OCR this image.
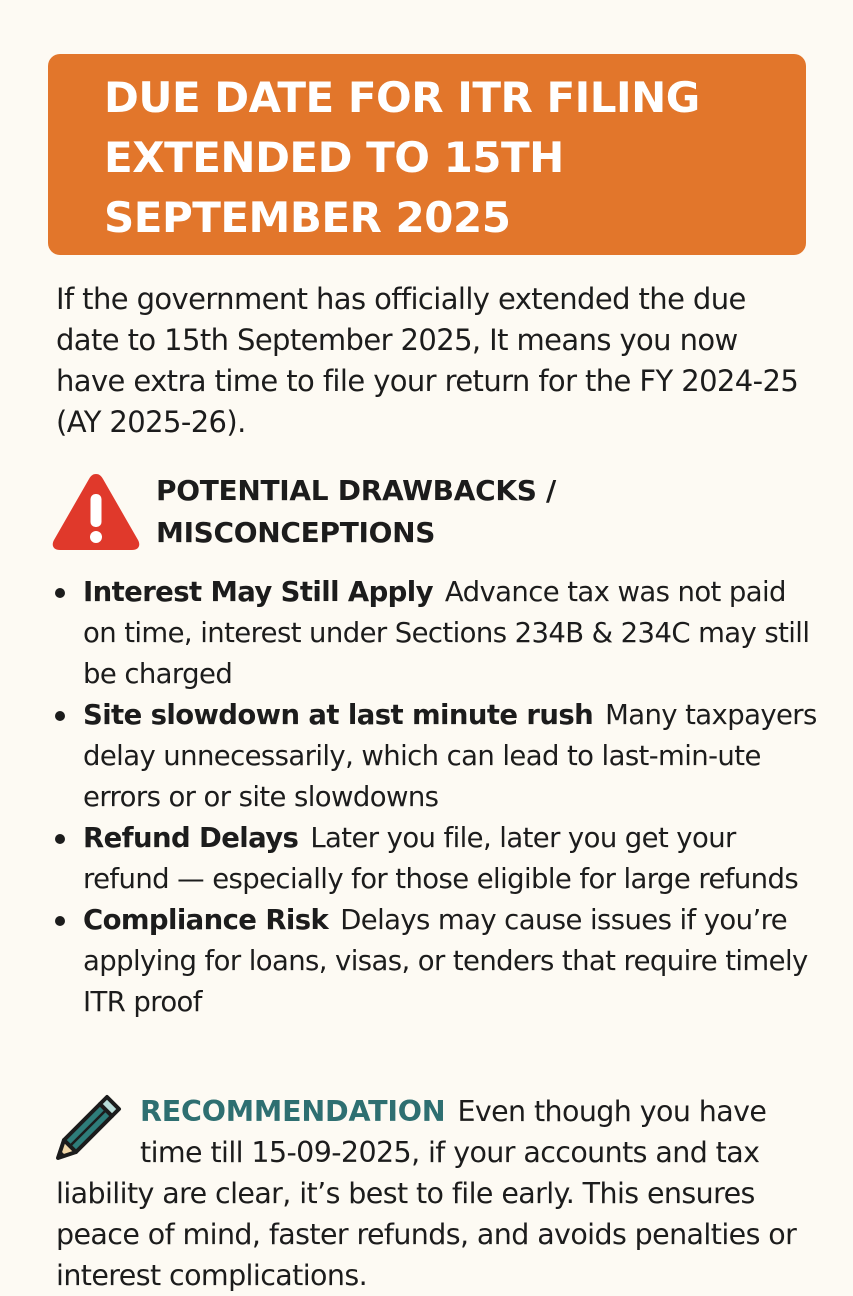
DUE DATE FOR ITR FILING EXTENDED TO 15TH SEPTEMBER 2025

If the government has officially extended the due date to 15th September 2025, It means you now have extra time to file your return for the FY 2024-25 (AY 2025-26).

POTENTIAL DRAWBACKS / MISCONCEPTIONS
Interest May Still Apply Advance tax was not paid on time, interest under Sections 234B & 234C may still be charged
Site slowdown at last minute rush Many taxpayers delay unnecessarily, which can lead to last-min-ute errors or or site slowdowns
Refund Delays Later you file, later you get your refund — especially for those eligible for large refunds
Compliance Risk Delays may cause issues if you’re applying for loans, visas, or tenders that require timely ITR proof

RECOMMENDATION Even though you have time till 15-09-2025, if your accounts and tax liability are clear, it’s best to file early. This ensures peace of mind, faster refunds, and avoids penalties or interest complications.
